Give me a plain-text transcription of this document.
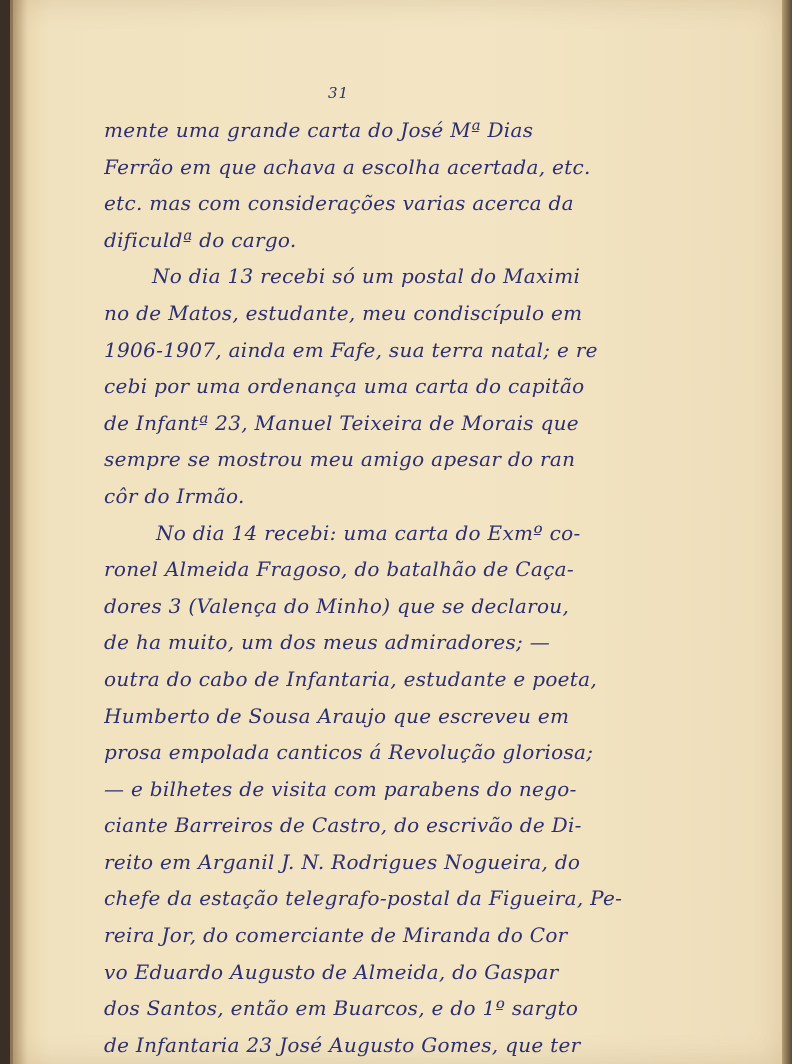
31
mente uma grande carta do José Mª Dias
Ferrão em que achava a escolha acertada, etc.
etc. mas com considerações varias acerca da
dificuldª do cargo.
No dia 13 recebi só um postal do Maximi
no de Matos, estudante, meu condiscípulo em
1906-1907, ainda em Fafe, sua terra natal; e re
cebi por uma ordenança uma carta do capitão
de Infantª 23, Manuel Teixeira de Morais que
sempre se mostrou meu amigo apesar do ran
côr do Irmão.
No dia 14 recebi: uma carta do Exmº co-
ronel Almeida Fragoso, do batalhão de Caça-
dores 3 (Valença do Minho) que se declarou,
de ha muito, um dos meus admiradores; —
outra do cabo de Infantaria, estudante e poeta,
Humberto de Sousa Araujo que escreveu em
prosa empolada canticos á Revolução gloriosa;
— e bilhetes de visita com parabens do nego-
ciante Barreiros de Castro, do escrivão de Di-
reito em Arganil J. N. Rodrigues Nogueira, do
chefe da estação telegrafo-postal da Figueira, Pe-
reira Jor, do comerciante de Miranda do Cor
vo Eduardo Augusto de Almeida, do Gaspar
dos Santos, então em Buarcos, e do 1º sargto
de Infantaria 23 José Augusto Gomes, que ter
